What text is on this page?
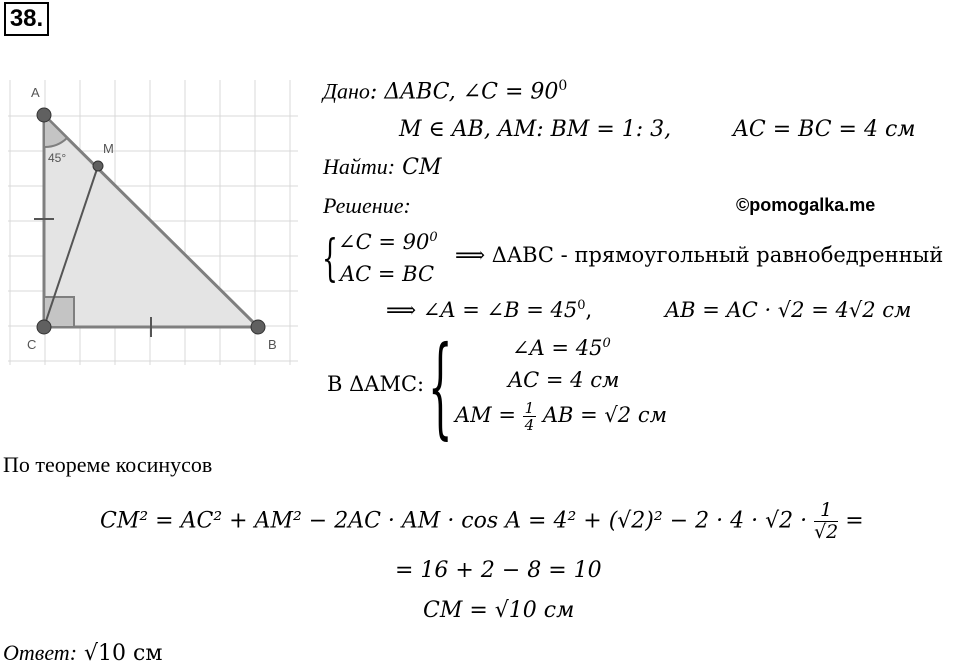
38.
A
C	B
M
45°
Дано: ΔABC, ∠C = $90^0$
M ∈ AB, AM: BM = 1: 3,	AC = BC = 4 см
Найти: CM
Решение:	©pomogalka.me
{ ∠C = $90^0$
AC = BC
⟹ ΔABC - прямоугольный равнобедренный
⟹ ∠A = ∠B = $45^0$,	AB = AC · √2 = 4√2 см
В ΔAMC: {	∠A = $45^0$
AC = 4 см
AM = $\frac{1}{4}$ AB = √2 см
По теореме косинусов
CM² = AC² + AM² − 2AC · AM · $\cos A = 4^2 + (√2)^2 - 2 \cdot 4 \cdot √2 \cdot \frac{1}{√2}$ =
= 16 + 2 − 8 = 10
CM = √10 см
Ответ: √10 см
